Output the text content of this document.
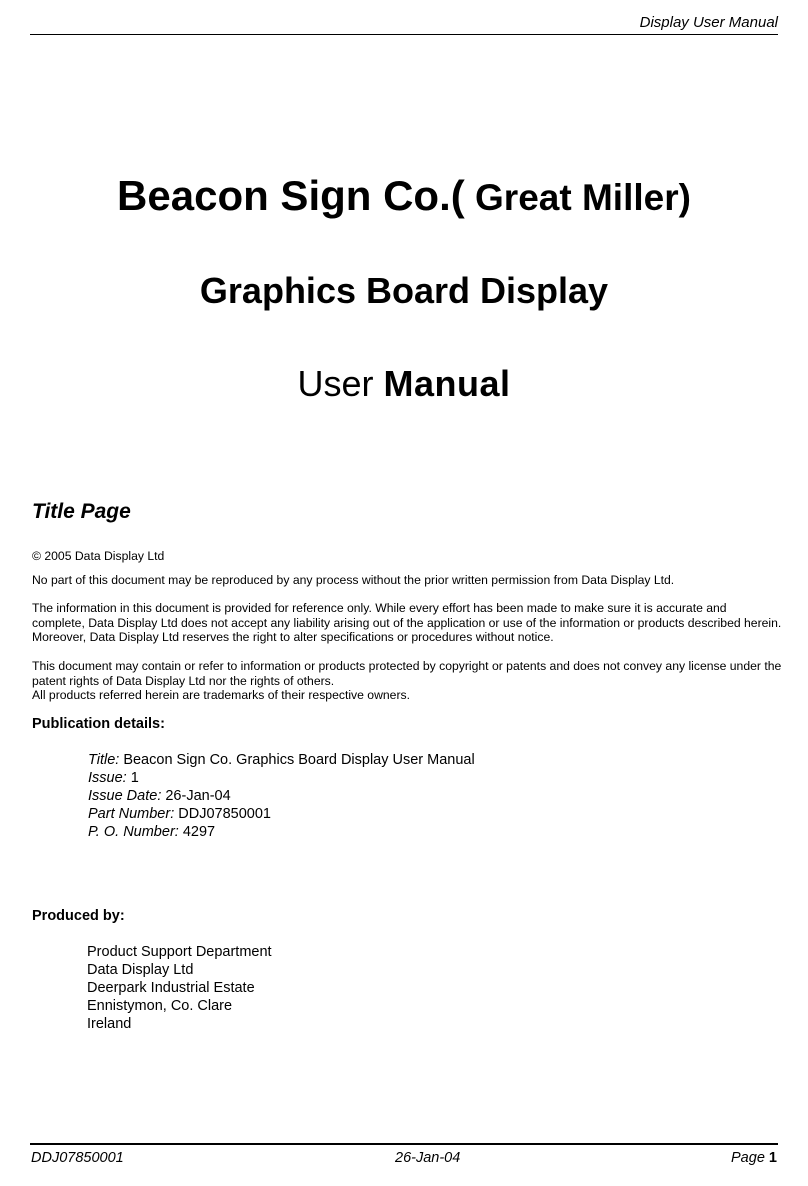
Display User Manual
Beacon Sign Co.( Great Miller)
Graphics Board Display
User Manual
Title Page
© 2005 Data Display Ltd
No part of this document may be reproduced by any process without the prior written permission from Data Display Ltd.
The information in this document is provided for reference only. While every effort has been made to make sure it is accurate and complete, Data Display Ltd does not accept any liability arising out of the application or use of the information or products described herein. Moreover, Data Display Ltd reserves the right to alter specifications or procedures without notice.
This document may contain or refer to information or products protected by copyright or patents and does not convey any license under the patent rights of Data Display Ltd nor the rights of others.
All products referred herein are trademarks of their respective owners.
Publication details:
Title: Beacon Sign Co. Graphics Board Display User Manual
Issue: 1
Issue Date: 26-Jan-04
Part Number: DDJ07850001
P. O. Number: 4297
Produced by:
Product Support Department
Data Display Ltd
Deerpark Industrial Estate
Ennistymon, Co. Clare
Ireland
DDJ07850001	26-Jan-04	Page 1
